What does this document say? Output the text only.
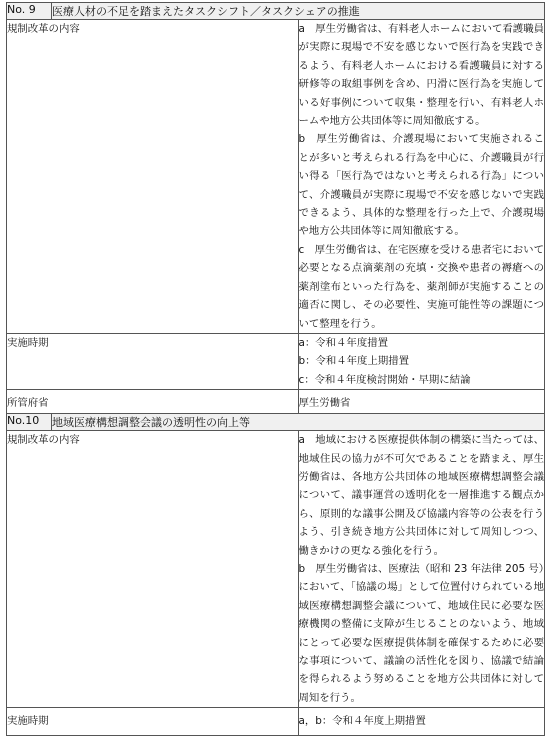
No. 9	医療人材の不足を踏まえたタスクシフト／タスクシェアの推進	
規制改革の内容		a　厚生労働省は、有料老人ホームにおいて看護職員が実際に現場で不安を感じないで医行為を実践できるよう、有料老人ホームにおける看護職員に対する研修等の取組事例を含め、円滑に医行為を実施している好事例について収集・整理を行い、有料老人ホームや地方公共団体等に周知徹底する。

b　厚生労働省は、介護現場において実施されることが多いと考えられる行為を中心に、介護職員が行い得る「医行為ではないと考えられる行為」について、介護職員が実際に現場で不安を感じないで実践できるよう、具体的な整理を行った上で、介護現場や地方公共団体等に周知徹底する。

c　厚生労働省は、在宅医療を受ける患者宅において必要となる点滴薬剤の充填・交換や患者の褥瘡への薬剤塗布といった行為を、薬剤師が実施することの適否に関し、その必要性、実施可能性等の課題について整理を行う。

実施時期		a：令和４年度措置

b：令和４年度上期措置

c：令和４年度検討開始・早期に結論

所管府省		厚生労働省
No.10	地域医療構想調整会議の透明性の向上等	
規制改革の内容		a　地域における医療提供体制の構築に当たっては、地域住民の協力が不可欠であることを踏まえ、厚生労働省は、各地方公共団体の地域医療構想調整会議について、議事運営の透明化を一層推進する観点から、原則的な議事公開及び協議内容等の公表を行うよう、引き続き地方公共団体に対して周知しつつ、働きかけの更なる強化を行う。

b　厚生労働省は、医療法（昭和 23 年法律 205 号）において、「協議の場」として位置付けられている地域医療構想調整会議について、地域住民に必要な医療機関の整備に支障が生じることのないよう、地域にとって必要な医療提供体制を確保するために必要な事項について、議論の活性化を図り、協議で結論を得られるよう努めることを地方公共団体に対して周知を行う。

実施時期		a，b：令和４年度上期措置
